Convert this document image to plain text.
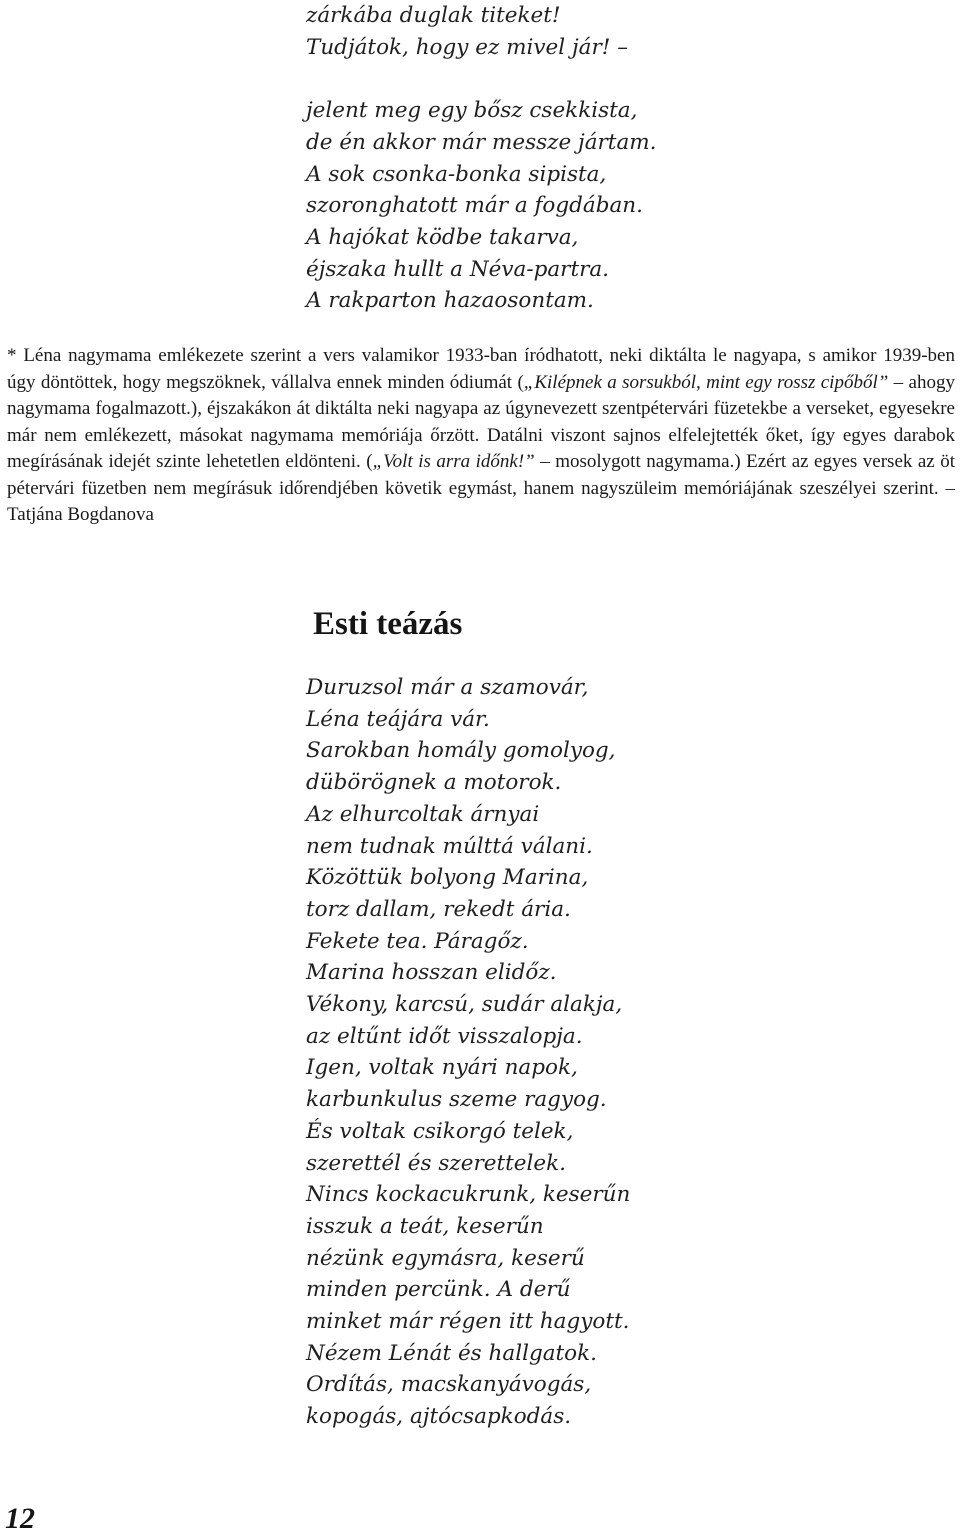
zárkába duglak titeket!
Tudjátok, hogy ez mivel jár! –
jelent meg egy bősz csekkista,
de én akkor már messze jártam.
A sok csonka-bonka sipista,
szoronghatott már a fogdában.
A hajókat ködbe takarva,
éjszaka hullt a Néva-partra.
A rakparton hazaosontam.

* Léna nagymama emlékezete szerint a vers valamikor 1933-ban íródhatott, neki diktálta le nagyapa, s amikor 1939-ben úgy döntöttek, hogy megszöknek, vállalva ennek minden ódiumát („Kilépnek a sorsukból, mint egy rossz cipőből” – ahogy nagymama fogalmazott.), éjszakákon át diktálta neki nagyapa az úgynevezett szentpétervári füzetekbe a verseket, egyesekre már nem emlékezett, másokat nagymama memóriája őrzött. Datálni viszont sajnos elfelejtették őket, így egyes darabok megírásának idejét szinte lehetetlen eldönteni. („Volt is arra időnk!” – mosolygott nagymama.) Ezért az egyes versek az öt pétervári füzetben nem megírásuk időrendjében követik egymást, hanem nagyszüleim memóriájának szeszélyei szerint. – Tatjána Bogdanova

Esti teázás
Duruzsol már a szamovár,
Léna teájára vár.
Sarokban homály gomolyog,
dübörögnek a motorok.
Az elhurcoltak árnyai
nem tudnak múlttá válani.
Közöttük bolyong Marina,
torz dallam, rekedt ária.
Fekete tea. Páragőz.
Marina hosszan elidőz.
Vékony, karcsú, sudár alakja,
az eltűnt időt visszalopja.
Igen, voltak nyári napok,
karbunkulus szeme ragyog.
És voltak csikorgó telek,
szerettél és szerettelek.
Nincs kockacukrunk, keserűn
isszuk a teát, keserűn
nézünk egymásra, keserű
minden percünk. A derű
minket már régen itt hagyott.
Nézem Lénát és hallgatok.
Ordítás, macskanyávogás,
kopogás, ajtócsapkodás.

12
